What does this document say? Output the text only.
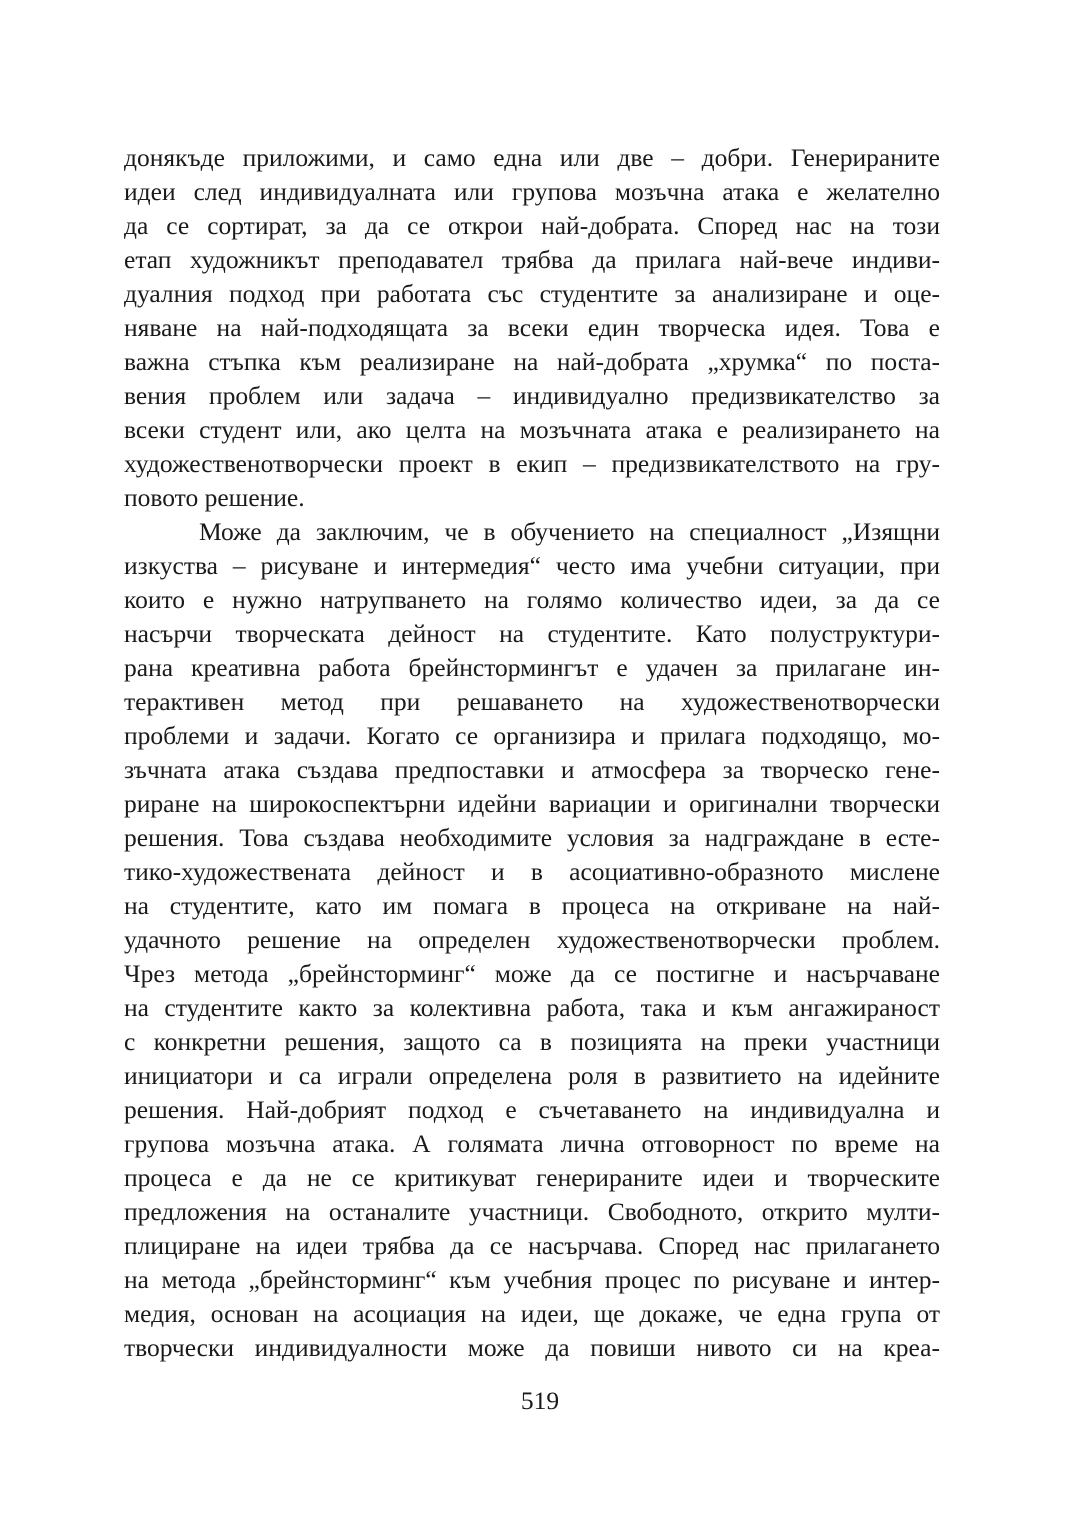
донякъде приложими, и само една или две – добри. Генерираните
идеи след индивидуалната или групова мозъчна атака е желателно
да се сортират, за да се открои най-добрата. Според нас на този
етап художникът преподавател трябва да прилага най-вече индиви-
дуалния подход при работата със студентите за анализиране и оце-
няване на най-подходящата за всеки един творческа идея. Това е
важна стъпка към реализиране на най-добрата „хрумка“ по постa-
вения проблем или задача – индивидуално предизвикателство за
всеки студент или, ако целта на мозъчната атака е реализирането на
художественотворчески проект в екип – предизвикателството на гру-
повото решение.
Може да заключим, че в обучението на специалност „Изящни
изкуства – рисуване и интермедия“ често има учебни ситуации, при
които е нужно натрупването на голямо количество идеи, за да се
насърчи творческата дейност на студентите. Като полуструктури-
рана креативна работа брейнстормингът е удачен за прилагане ин-
терактивен метод при решаването на художественотворчески
проблеми и задачи. Когато се организира и прилага подходящо, мо-
зъчната атака създава предпоставки и атмосфера за творческо гене-
риране на широкоспектърни идейни вариации и оригинални творчески
решения. Това създава необходимите условия за надграждане в есте-
тико-художествената дейност и в асоциативно-образното мислене
на студентите, като им помага в процеса на откриване на най-
удачното решение на определен художественотворчески проблем.
Чрез метода „брейнсторминг“ може да се постигне и насърчаване
на студентите както за колективна работа, така и към ангажираност
с конкретни решения, защото са в позицията на преки участници
инициатори и са играли определена роля в развитието на идейните
решения. Най-добрият подход е съчетаването на индивидуална и
групова мозъчна атака. А голямата лична отговорност по време на
процеса е да не се критикуват генерираните идеи и творческите
предложения на останалите участници. Свободното, открито мулти-
плициране на идеи трябва да се насърчава. Според нас прилагането
на метода „брейнсторминг“ към учебния процес по рисуване и интер-
медия, основан на асоциация на идеи, ще докаже, че една група от
творчески индивидуалности може да повиши нивото си на креа-
519
